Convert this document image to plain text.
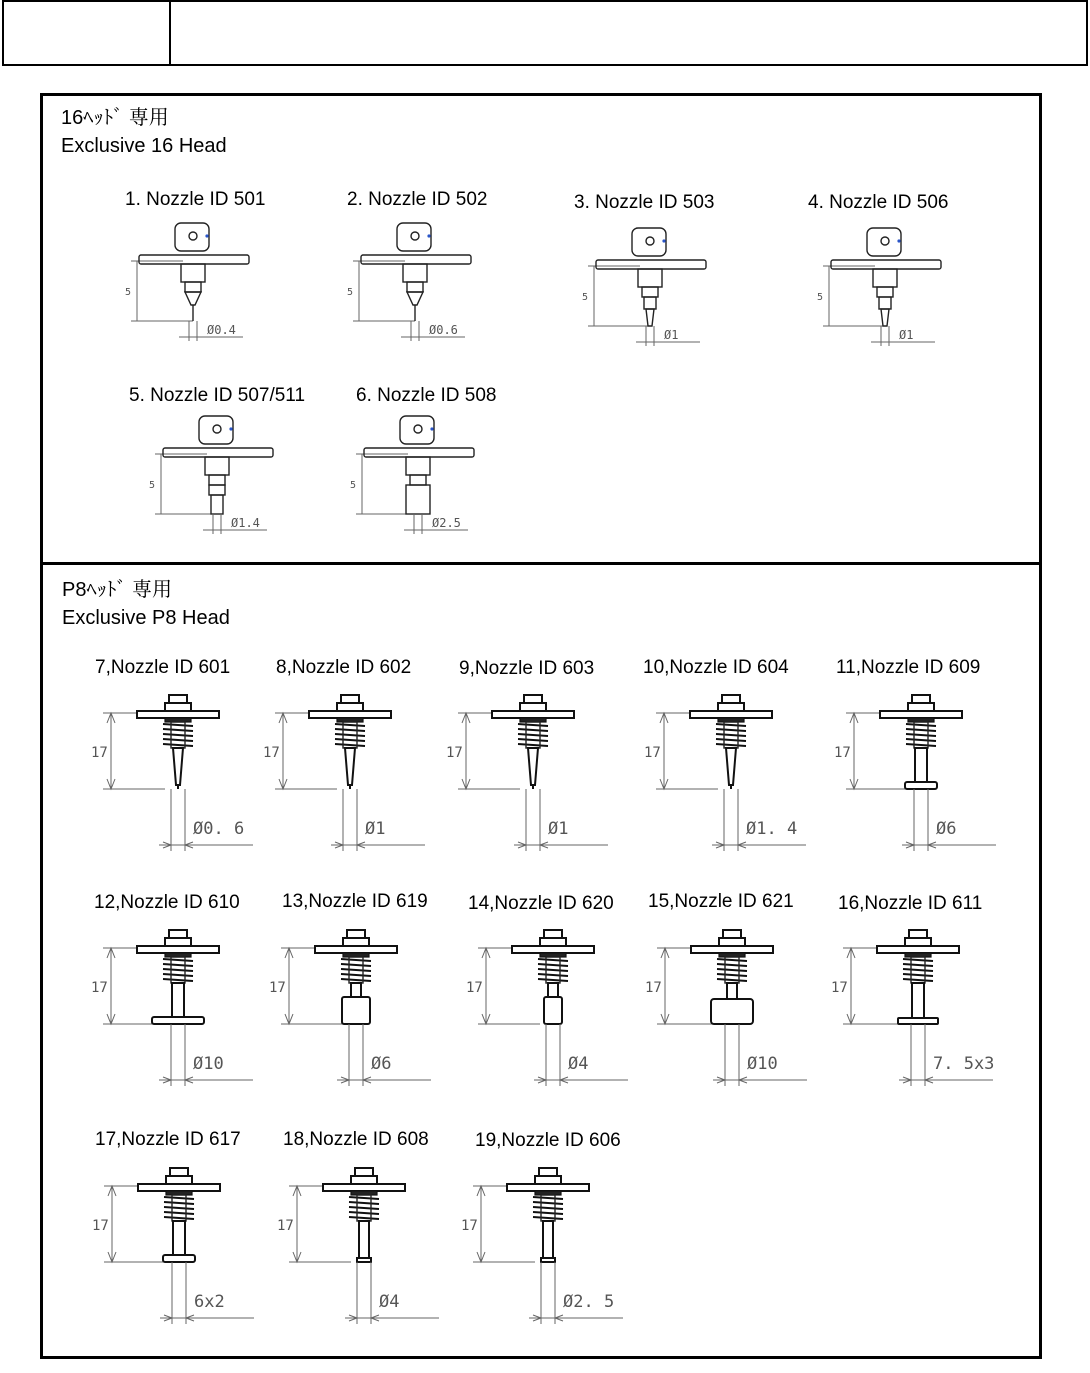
16ﾍｯﾄﾞ 専用
Exclusive 16 Head
P8ﾍｯﾄﾞ 専用
Exclusive P8 Head
1. Nozzle ID 501
5
Ø0.4
2. Nozzle ID 502
5
Ø0.6
3. Nozzle ID 503
5
Ø1
4. Nozzle ID 506
5
Ø1
5. Nozzle ID 507/511
5
Ø1.4
6. Nozzle ID 508
5
Ø2.5
7,Nozzle ID 601
17
Ø0. 6
8,Nozzle ID 602
17
Ø1
9,Nozzle ID 603
17
Ø1
10,Nozzle ID 604
17
Ø1. 4
11,Nozzle ID 609
17
Ø6
12,Nozzle ID 610
17
Ø10
13,Nozzle ID 619
17
Ø6
14,Nozzle ID 620
17
Ø4
15,Nozzle ID 621
17
Ø10
16,Nozzle ID 611
17
7. 5x3
17,Nozzle ID 617
17
6x2
18,Nozzle ID 608
17
Ø4
19,Nozzle ID 606
17
Ø2. 5
